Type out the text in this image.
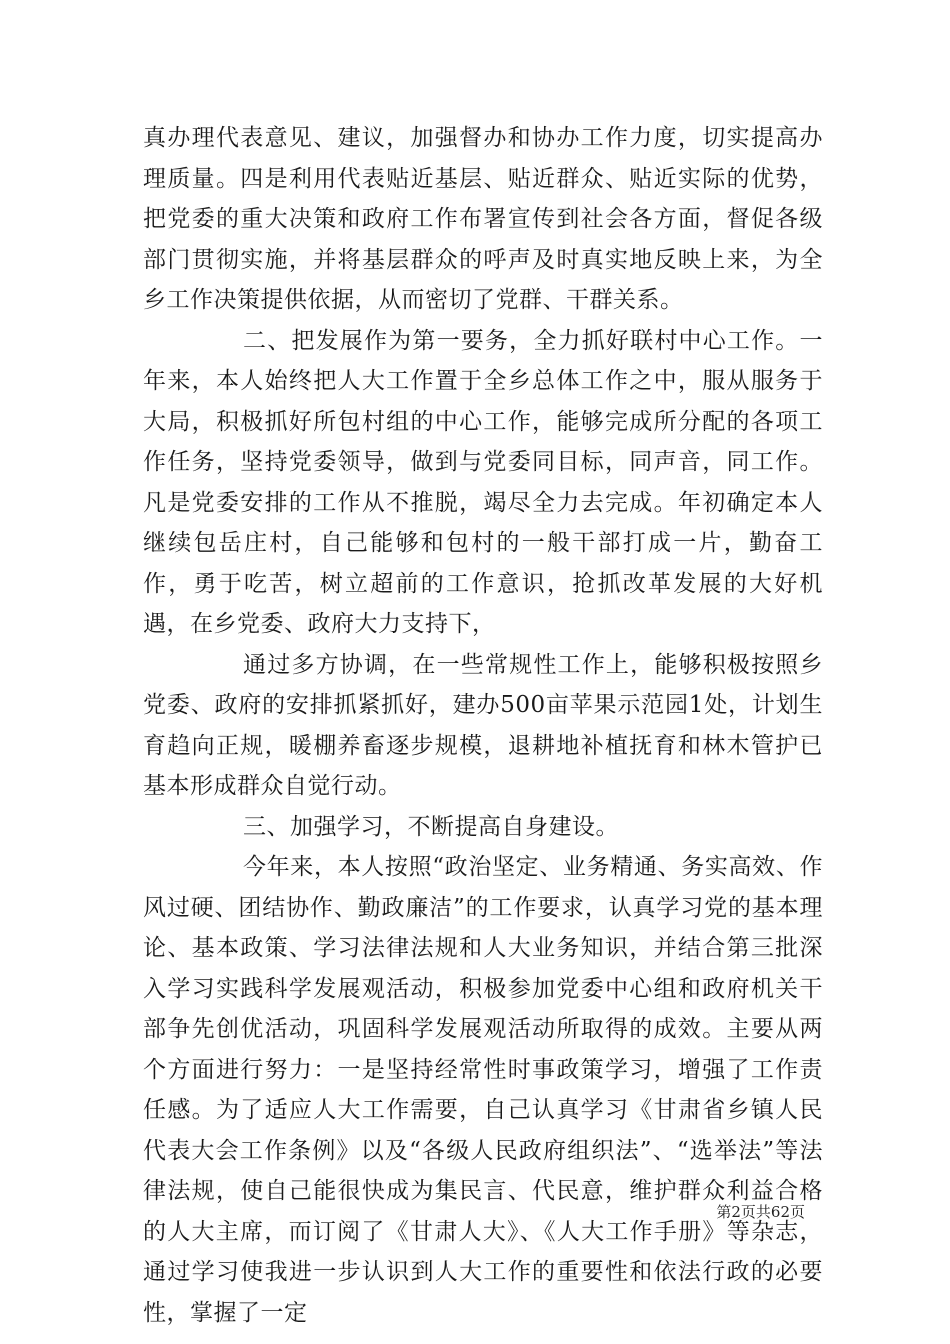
真办理代表意见、建议，加强督办和协办工作力度，切实提高办理质量。四是利用代表贴近基层、贴近群众、贴近实际的优势，把党委的重大决策和政府工作布署宣传到社会各方面，督促各级部门贯彻实施，并将基层群众的呼声及时真实地反映上来，为全乡工作决策提供依据，从而密切了党群、干群关系。

二、把发展作为第一要务，全力抓好联村中心工作。一年来，本人始终把人大工作置于全乡总体工作之中，服从服务于大局，积极抓好所包村组的中心工作，能够完成所分配的各项工作任务，坚持党委领导，做到与党委同目标，同声音，同工作。凡是党委安排的工作从不推脱，竭尽全力去完成。年初确定本人继续包岳庄村，自己能够和包村的一般干部打成一片，勤奋工作，勇于吃苦，树立超前的工作意识，抢抓改革发展的大好机遇，在乡党委、政府大力支持下，

通过多方协调，在一些常规性工作上，能够积极按照乡党委、政府的安排抓紧抓好，建办500亩苹果示范园1处，计划生育趋向正规，暖棚养畜逐步规模，退耕地补植抚育和林木管护已基本形成群众自觉行动。

三、加强学习，不断提高自身建设。

今年来，本人按照“政治坚定、业务精通、务实高效、作风过硬、团结协作、勤政廉洁”的工作要求，认真学习党的基本理论、基本政策、学习法律法规和人大业务知识，并结合第三批深入学习实践科学发展观活动，积极参加党委中心组和政府机关干部争先创优活动，巩固科学发展观活动所取得的成效。主要从两个方面进行努力：一是坚持经常性时事政策学习，增强了工作责任感。为了适应人大工作需要，自己认真学习《甘肃省乡镇人民代表大会工作条例》以及“各级人民政府组织法”、“选举法”等法律法规，使自己能很快成为集民言、代民意，维护群众利益合格的人大主席，而订阅了《甘肃人大》、《人大工作手册》等杂志，通过学习使我进一步认识到人大工作的重要性和依法行政的必要性，掌握了一定

第2页共62页
